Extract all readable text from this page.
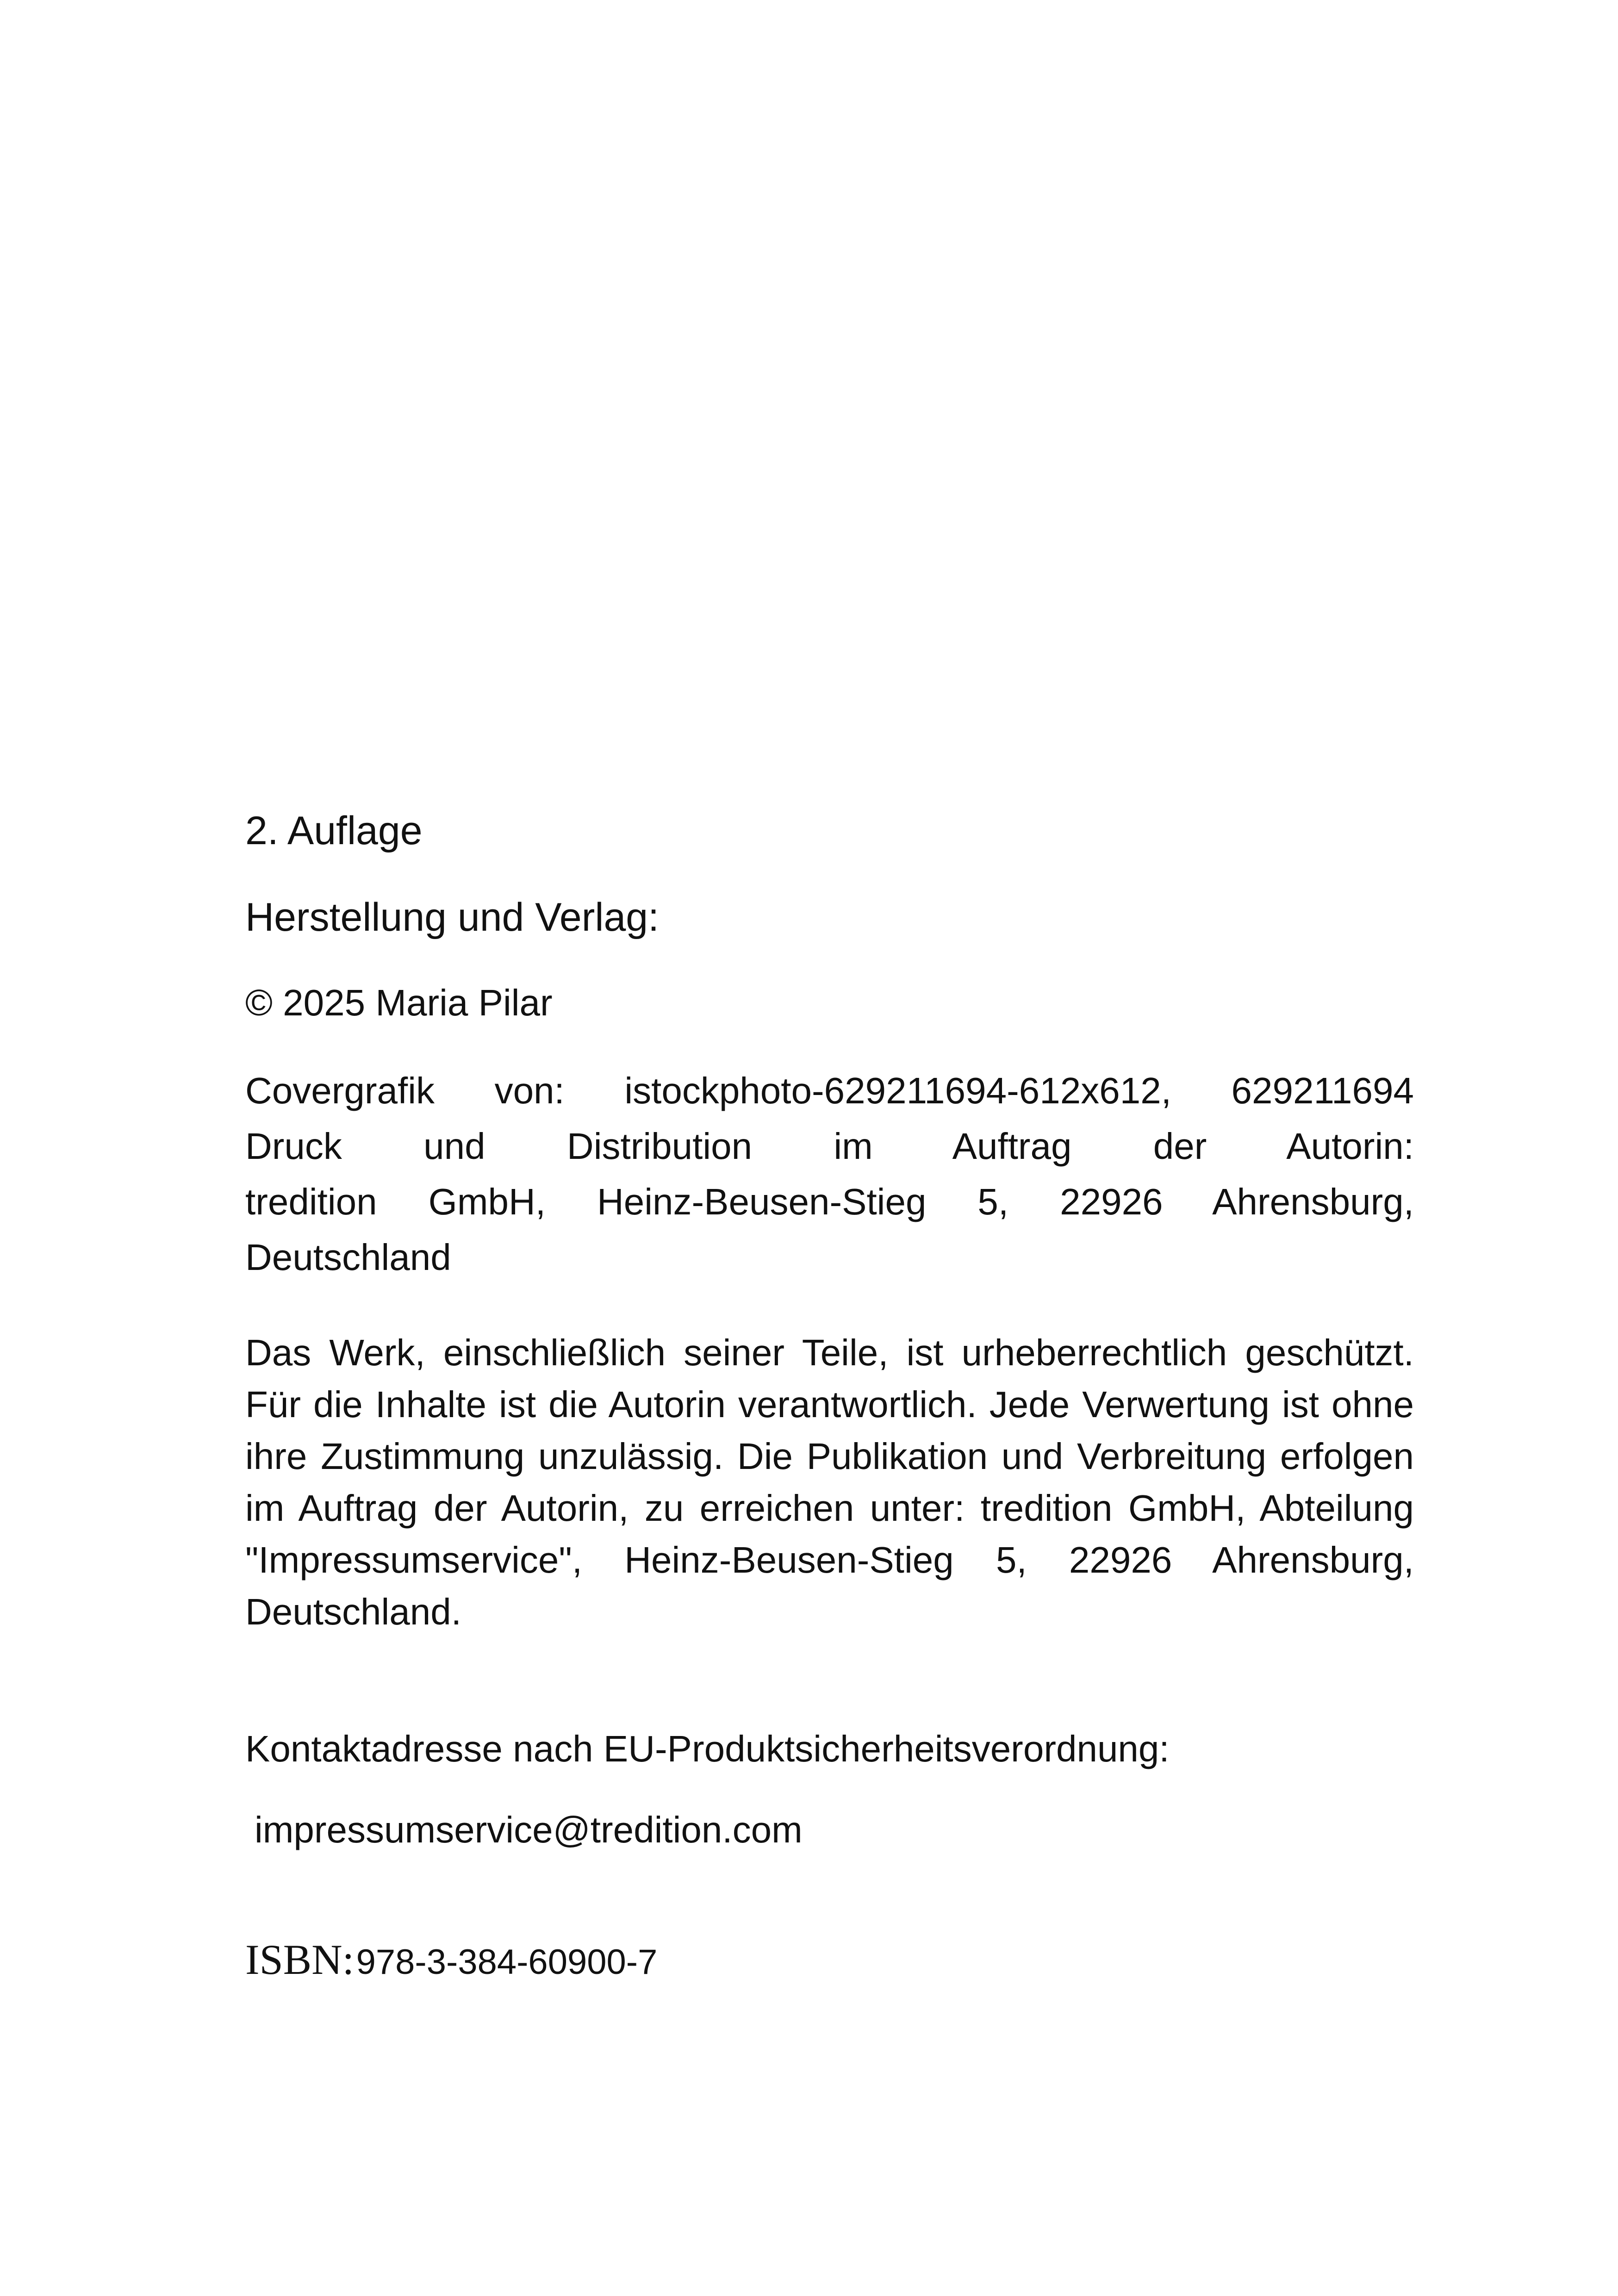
2. Auflage

Herstellung und Verlag:

© 2025 Maria Pilar

Covergrafik von: istockphoto-629211694-612x612, 629211694
Druck und Distribution im Auftrag der Autorin:
tredition GmbH, Heinz-Beusen-Stieg 5, 22926 Ahrensburg,
Deutschland

Das Werk, einschließlich seiner Teile, ist urheberrechtlich geschützt. Für die Inhalte ist die Autorin verantwortlich. Jede Verwertung ist ohne ihre Zustimmung unzulässig. Die Publikation und Verbreitung erfolgen im Auftrag der Autorin, zu erreichen unter: tredition GmbH, Abteilung "Impressumservice", Heinz-Beusen-Stieg 5, 22926 Ahrensburg, Deutschland.

Kontaktadresse nach EU-Produktsicherheitsverordnung:

impressumservice@tredition.com

ISBN: 978-3-384-60900-7
